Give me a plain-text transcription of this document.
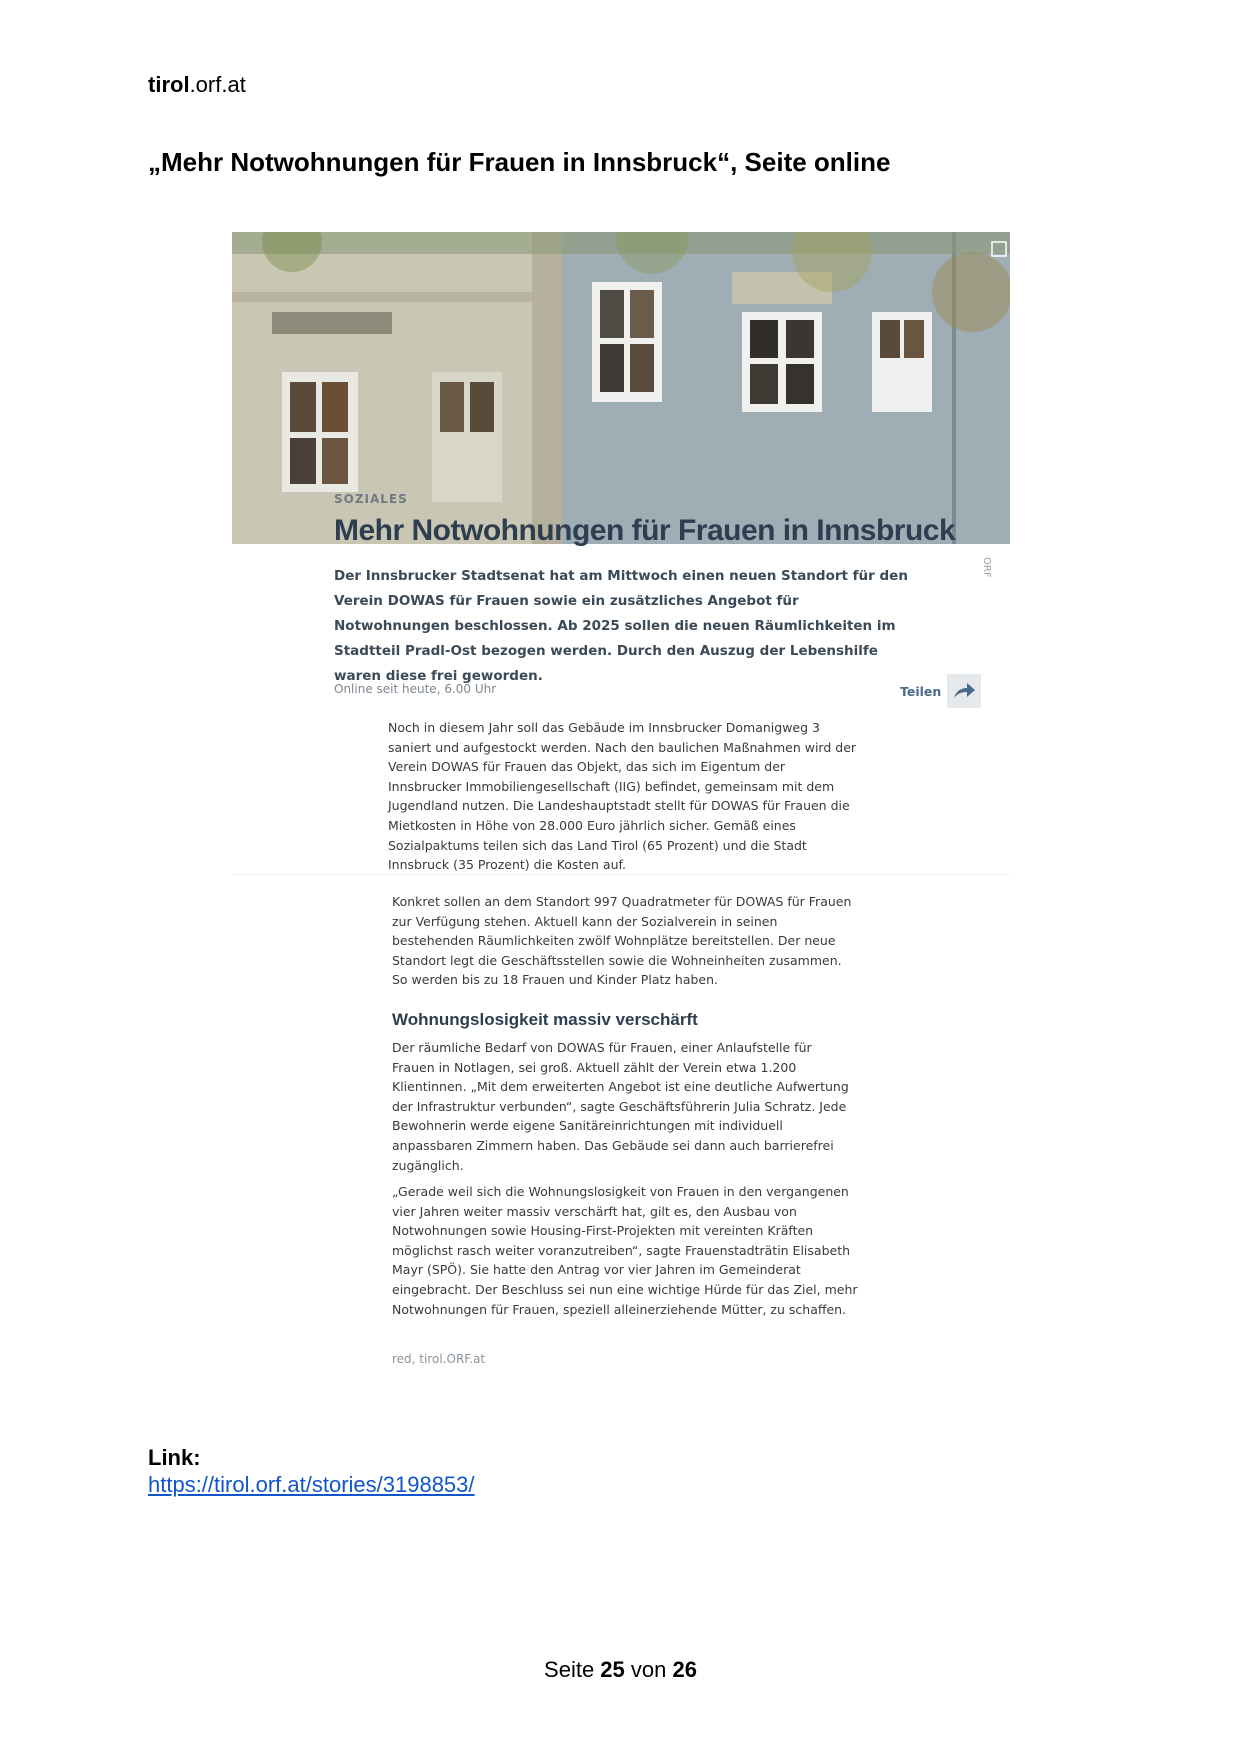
tirol.orf.at
„Mehr Notwohnungen für Frauen in Innsbruck“, Seite online
ORF
SOZIALES
Mehr Notwohnungen für Frauen in Innsbruck
Der Innsbrucker Stadtsenat hat am Mittwoch einen neuen Standort für den Verein DOWAS für Frauen sowie ein zusätzliches Angebot für Notwohnungen beschlossen. Ab 2025 sollen die neuen Räumlichkeiten im Stadtteil Pradl-Ost bezogen werden. Durch den Auszug der Lebenshilfe waren diese frei geworden.
Online seit heute, 6.00 Uhr	Teilen

Noch in diesem Jahr soll das Gebäude im Innsbrucker Domanigweg 3 saniert und aufgestockt werden. Nach den baulichen Maßnahmen wird der Verein DOWAS für Frauen das Objekt, das sich im Eigentum der Innsbrucker Immobiliengesellschaft (IIG) befindet, gemeinsam mit dem Jugendland nutzen. Die Landeshauptstadt stellt für DOWAS für Frauen die Mietkosten in Höhe von 28.000 Euro jährlich sicher. Gemäß eines Sozialpaktums teilen sich das Land Tirol (65 Prozent) und die Stadt Innsbruck (35 Prozent) die Kosten auf.

Konkret sollen an dem Standort 997 Quadratmeter für DOWAS für Frauen zur Verfügung stehen. Aktuell kann der Sozialverein in seinen bestehenden Räumlichkeiten zwölf Wohnplätze bereitstellen. Der neue Standort legt die Geschäftsstellen sowie die Wohneinheiten zusammen. So werden bis zu 18 Frauen und Kinder Platz haben.

Wohnungslosigkeit massiv verschärft

Der räumliche Bedarf von DOWAS für Frauen, einer Anlaufstelle für Frauen in Notlagen, sei groß. Aktuell zählt der Verein etwa 1.200 Klientinnen. „Mit dem erweiterten Angebot ist eine deutliche Aufwertung der Infrastruktur verbunden“, sagte Geschäftsführerin Julia Schratz. Jede Bewohnerin werde eigene Sanitäreinrichtungen mit individuell anpassbaren Zimmern haben. Das Gebäude sei dann auch barrierefrei zugänglich.

„Gerade weil sich die Wohnungslosigkeit von Frauen in den vergangenen vier Jahren weiter massiv verschärft hat, gilt es, den Ausbau von Notwohnungen sowie Housing-First-Projekten mit vereinten Kräften möglichst rasch weiter voranzutreiben“, sagte Frauenstadträtin Elisabeth Mayr (SPÖ). Sie hatte den Antrag vor vier Jahren im Gemeinderat eingebracht. Der Beschluss sei nun eine wichtige Hürde für das Ziel, mehr Notwohnungen für Frauen, speziell alleinerziehende Mütter, zu schaffen.

red, tirol.ORF.at
Link:
https://tirol.orf.at/stories/3198853/
Seite 25 von 26
